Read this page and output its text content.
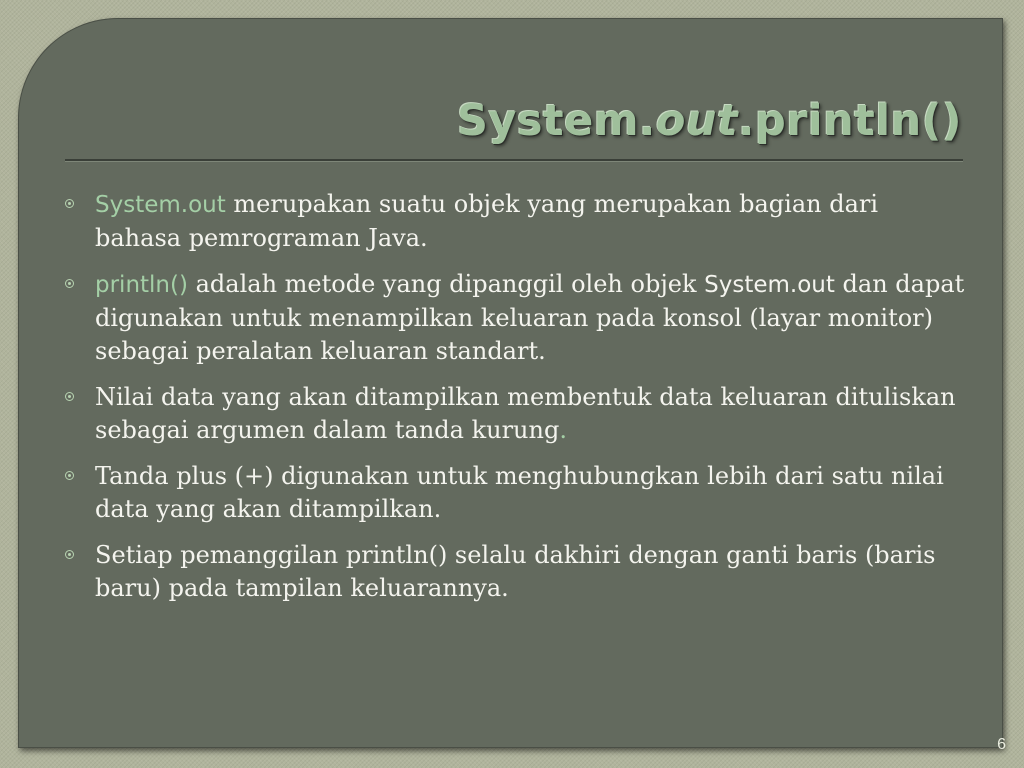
System.out.println()
System.out merupakan suatu objek yang merupakan bagian dari bahasa pemrograman Java.
println() adalah metode yang dipanggil oleh objek System.out dan dapat digunakan untuk menampilkan keluaran pada konsol (layar monitor) sebagai peralatan keluaran standart.
Nilai data yang akan ditampilkan membentuk data keluaran dituliskan sebagai argumen dalam tanda kurung.
Tanda plus (+) digunakan untuk menghubungkan lebih dari satu nilai data yang akan ditampilkan.
Setiap pemanggilan println() selalu dakhiri dengan ganti baris (baris baru) pada tampilan keluarannya.
6
